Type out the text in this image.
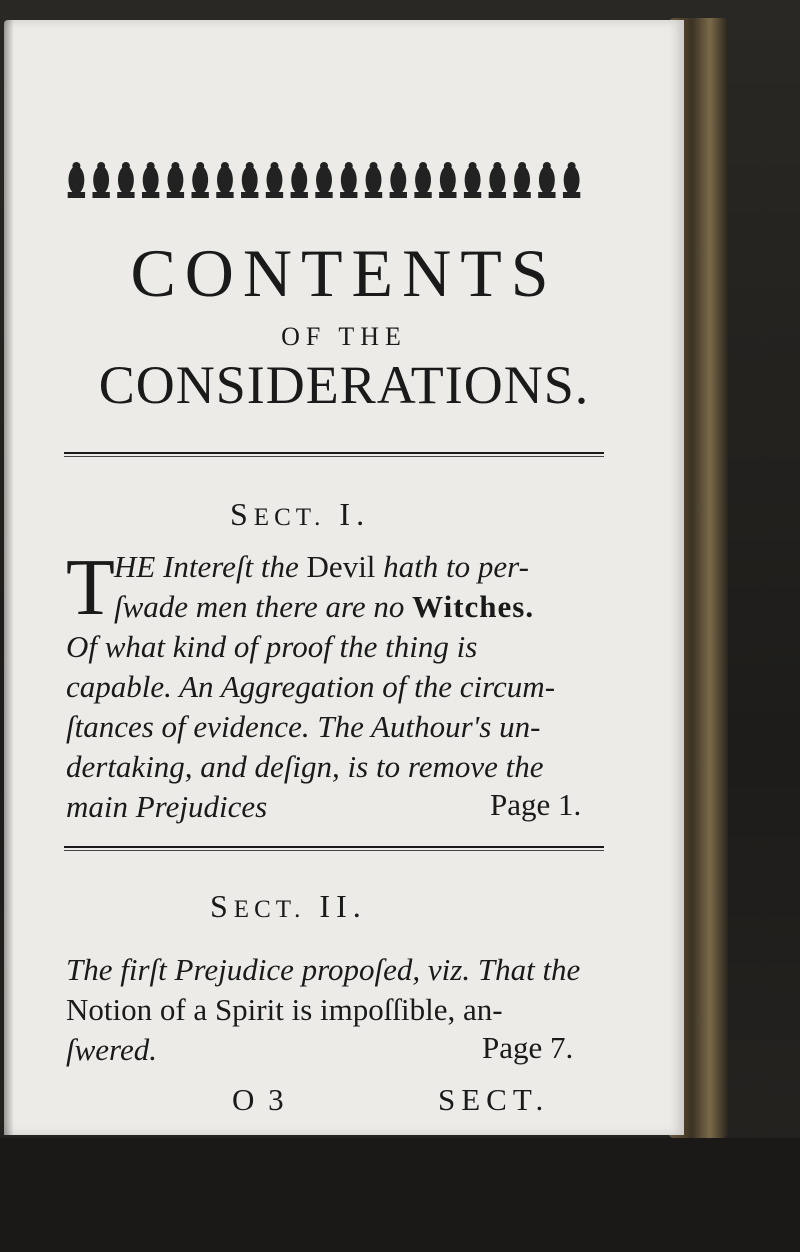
CONTENTS
OF THE
CONSIDERATIONS.
SECT. I.
T HE Intereſt the Devil hath to per-
ſwade men there are no Witches.
Of what kind of proof the thing is
capable. An Aggregation of the circum-
ſtances of evidence. The Authour's un-
dertaking, and deſign, is to remove the
main Prejudices	Page 1.
SECT. II.
The firſt Prejudice propoſed, viz. That the
Notion of a Spirit is impoſſible, an-
ſwered.	Page 7.
O 3	SECT.
